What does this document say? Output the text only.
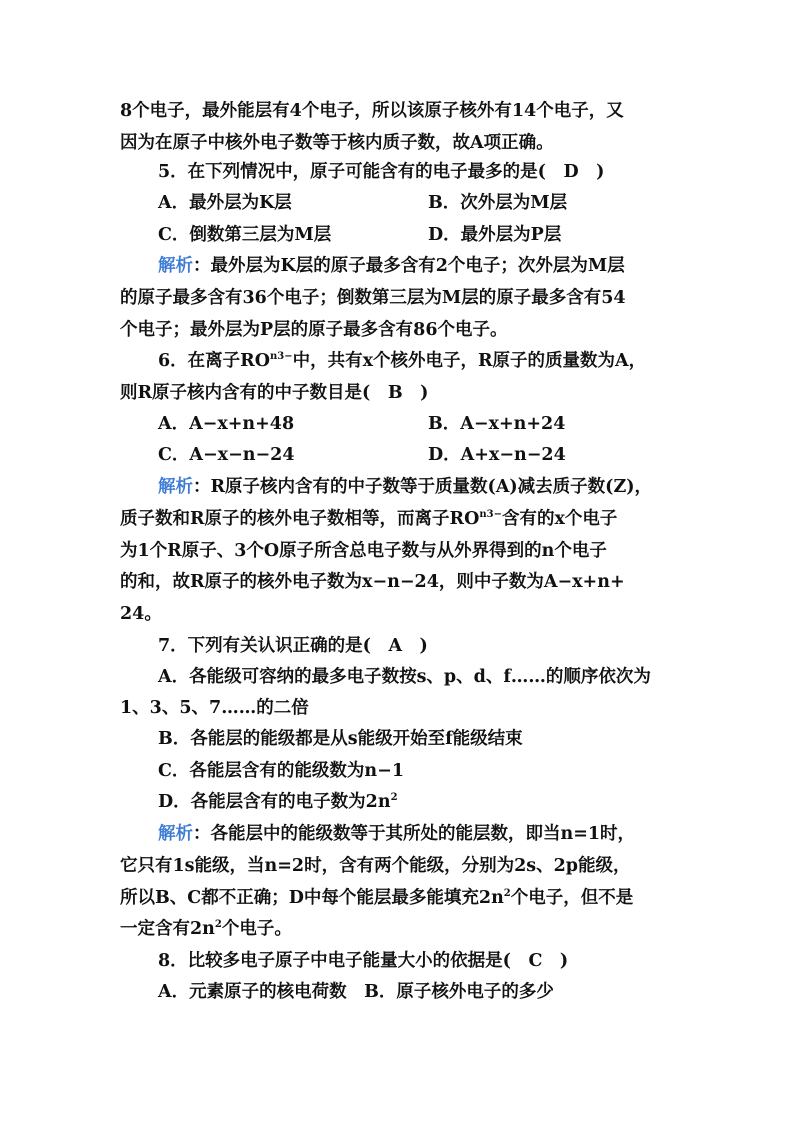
8个电子，最外能层有4个电子，所以该原子核外有14个电子，又
因为在原子中核外电子数等于核内质子数，故A项正确。
5．在下列情况中，原子可能含有的电子最多的是(　D　)
A．最外层为K层	B．次外层为M层
C．倒数第三层为M层	D．最外层为P层
解析：最外层为K层的原子最多含有2个电子；次外层为M层
的原子最多含有36个电子；倒数第三层为M层的原子最多含有54
个电子；最外层为P层的原子最多含有86个电子。
6．在离子$RO^{n3-}$中，共有x个核外电子，R原子的质量数为A，
则R原子核内含有的中子数目是(　B　)
A．A−x+n+48	B．A−x+n+24
C．A−x−n−24	D．A+x−n−24
解析：R原子核内含有的中子数等于质量数(A)减去质子数(Z)，
质子数和R原子的核外电子数相等，而离子$RO^{n3-}$含有的x个电子
为1个R原子、3个O原子所含总电子数与从外界得到的n个电子
的和，故R原子的核外电子数为x−n−24，则中子数为A−x+n+
24。
7．下列有关认识正确的是(　A　)
A．各能级可容纳的最多电子数按s、p、d、f……的顺序依次为
1、3、5、7……的二倍
B．各能层的能级都是从s能级开始至f能级结束
C．各能层含有的能级数为n−1
D．各能层含有的电子数为$2n^2$
解析：各能层中的能级数等于其所处的能层数，即当n=1时，
它只有1s能级，当n=2时，含有两个能级，分别为2s、2p能级，
所以B、C都不正确；D中每个能层最多能填充$2n^2$个电子，但不是
一定含有$2n^2$个电子。
8．比较多电子原子中电子能量大小的依据是(　C　)
A．元素原子的核电荷数　B．原子核外电子的多少
